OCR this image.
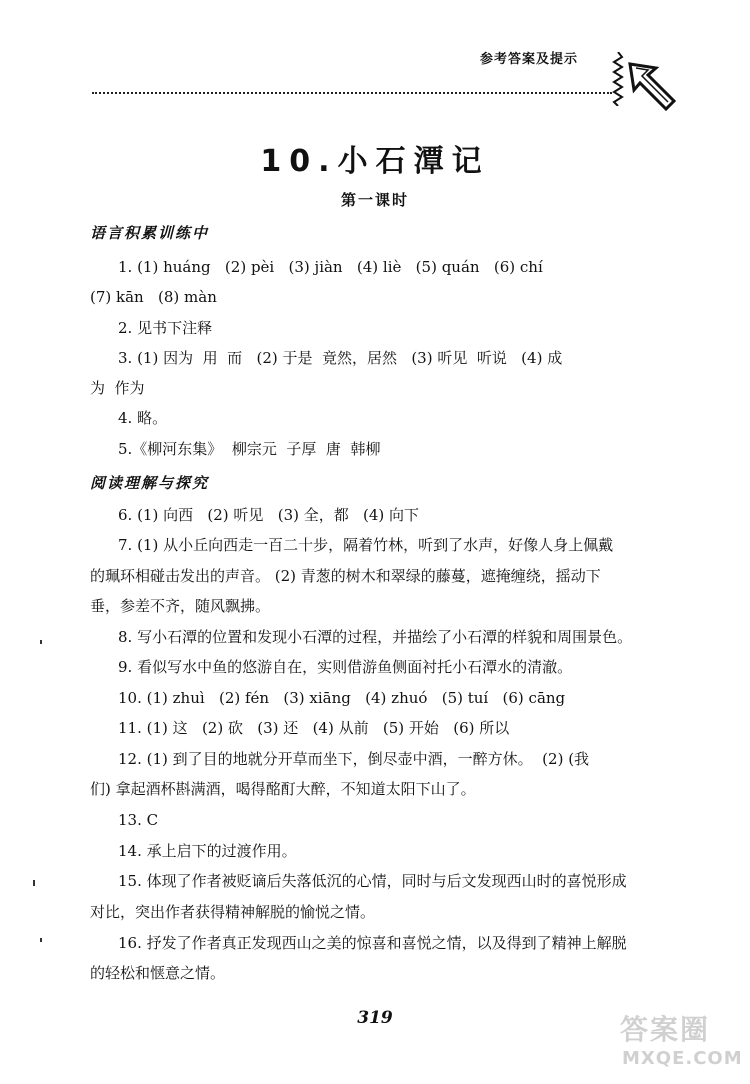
参考答案及提示
10.小石潭记
第一课时
语言积累训练中
1. (1) huáng   (2) pèi   (3) jiàn   (4) liè   (5) quán   (6) chí
(7) kān   (8) màn
2. 见书下注释
3. (1) 因为  用  而   (2) 于是  竟然，居然   (3) 听见  听说   (4) 成
为  作为
4. 略。
5.《柳河东集》  柳宗元  子厚  唐  韩柳
阅读理解与探究
6. (1) 向西   (2) 听见   (3) 全，都   (4) 向下
7. (1) 从小丘向西走一百二十步，隔着竹林，听到了水声，好像人身上佩戴
的珮环相碰击发出的声音。 (2) 青葱的树木和翠绿的藤蔓，遮掩缠绕，摇动下
垂，参差不齐，随风飘拂。
8. 写小石潭的位置和发现小石潭的过程，并描绘了小石潭的样貌和周围景色。
9. 看似写水中鱼的悠游自在，实则借游鱼侧面衬托小石潭水的清澈。
10. (1) zhuì   (2) fén   (3) xiāng   (4) zhuó   (5) tuí   (6) cāng
11. (1) 这   (2) 砍   (3) 还   (4) 从前   (5) 开始   (6) 所以
12. (1) 到了目的地就分开草而坐下，倒尽壶中酒，一醉方休。  (2) (我
们) 拿起酒杯斟满酒，喝得酩酊大醉，不知道太阳下山了。
13. C
14. 承上启下的过渡作用。
15. 体现了作者被贬谪后失落低沉的心情，同时与后文发现西山时的喜悦形成
对比，突出作者获得精神解脱的愉悦之情。
16. 抒发了作者真正发现西山之美的惊喜和喜悦之情，以及得到了精神上解脱
的轻松和惬意之情。
319	答案圈
MXQE.COM
